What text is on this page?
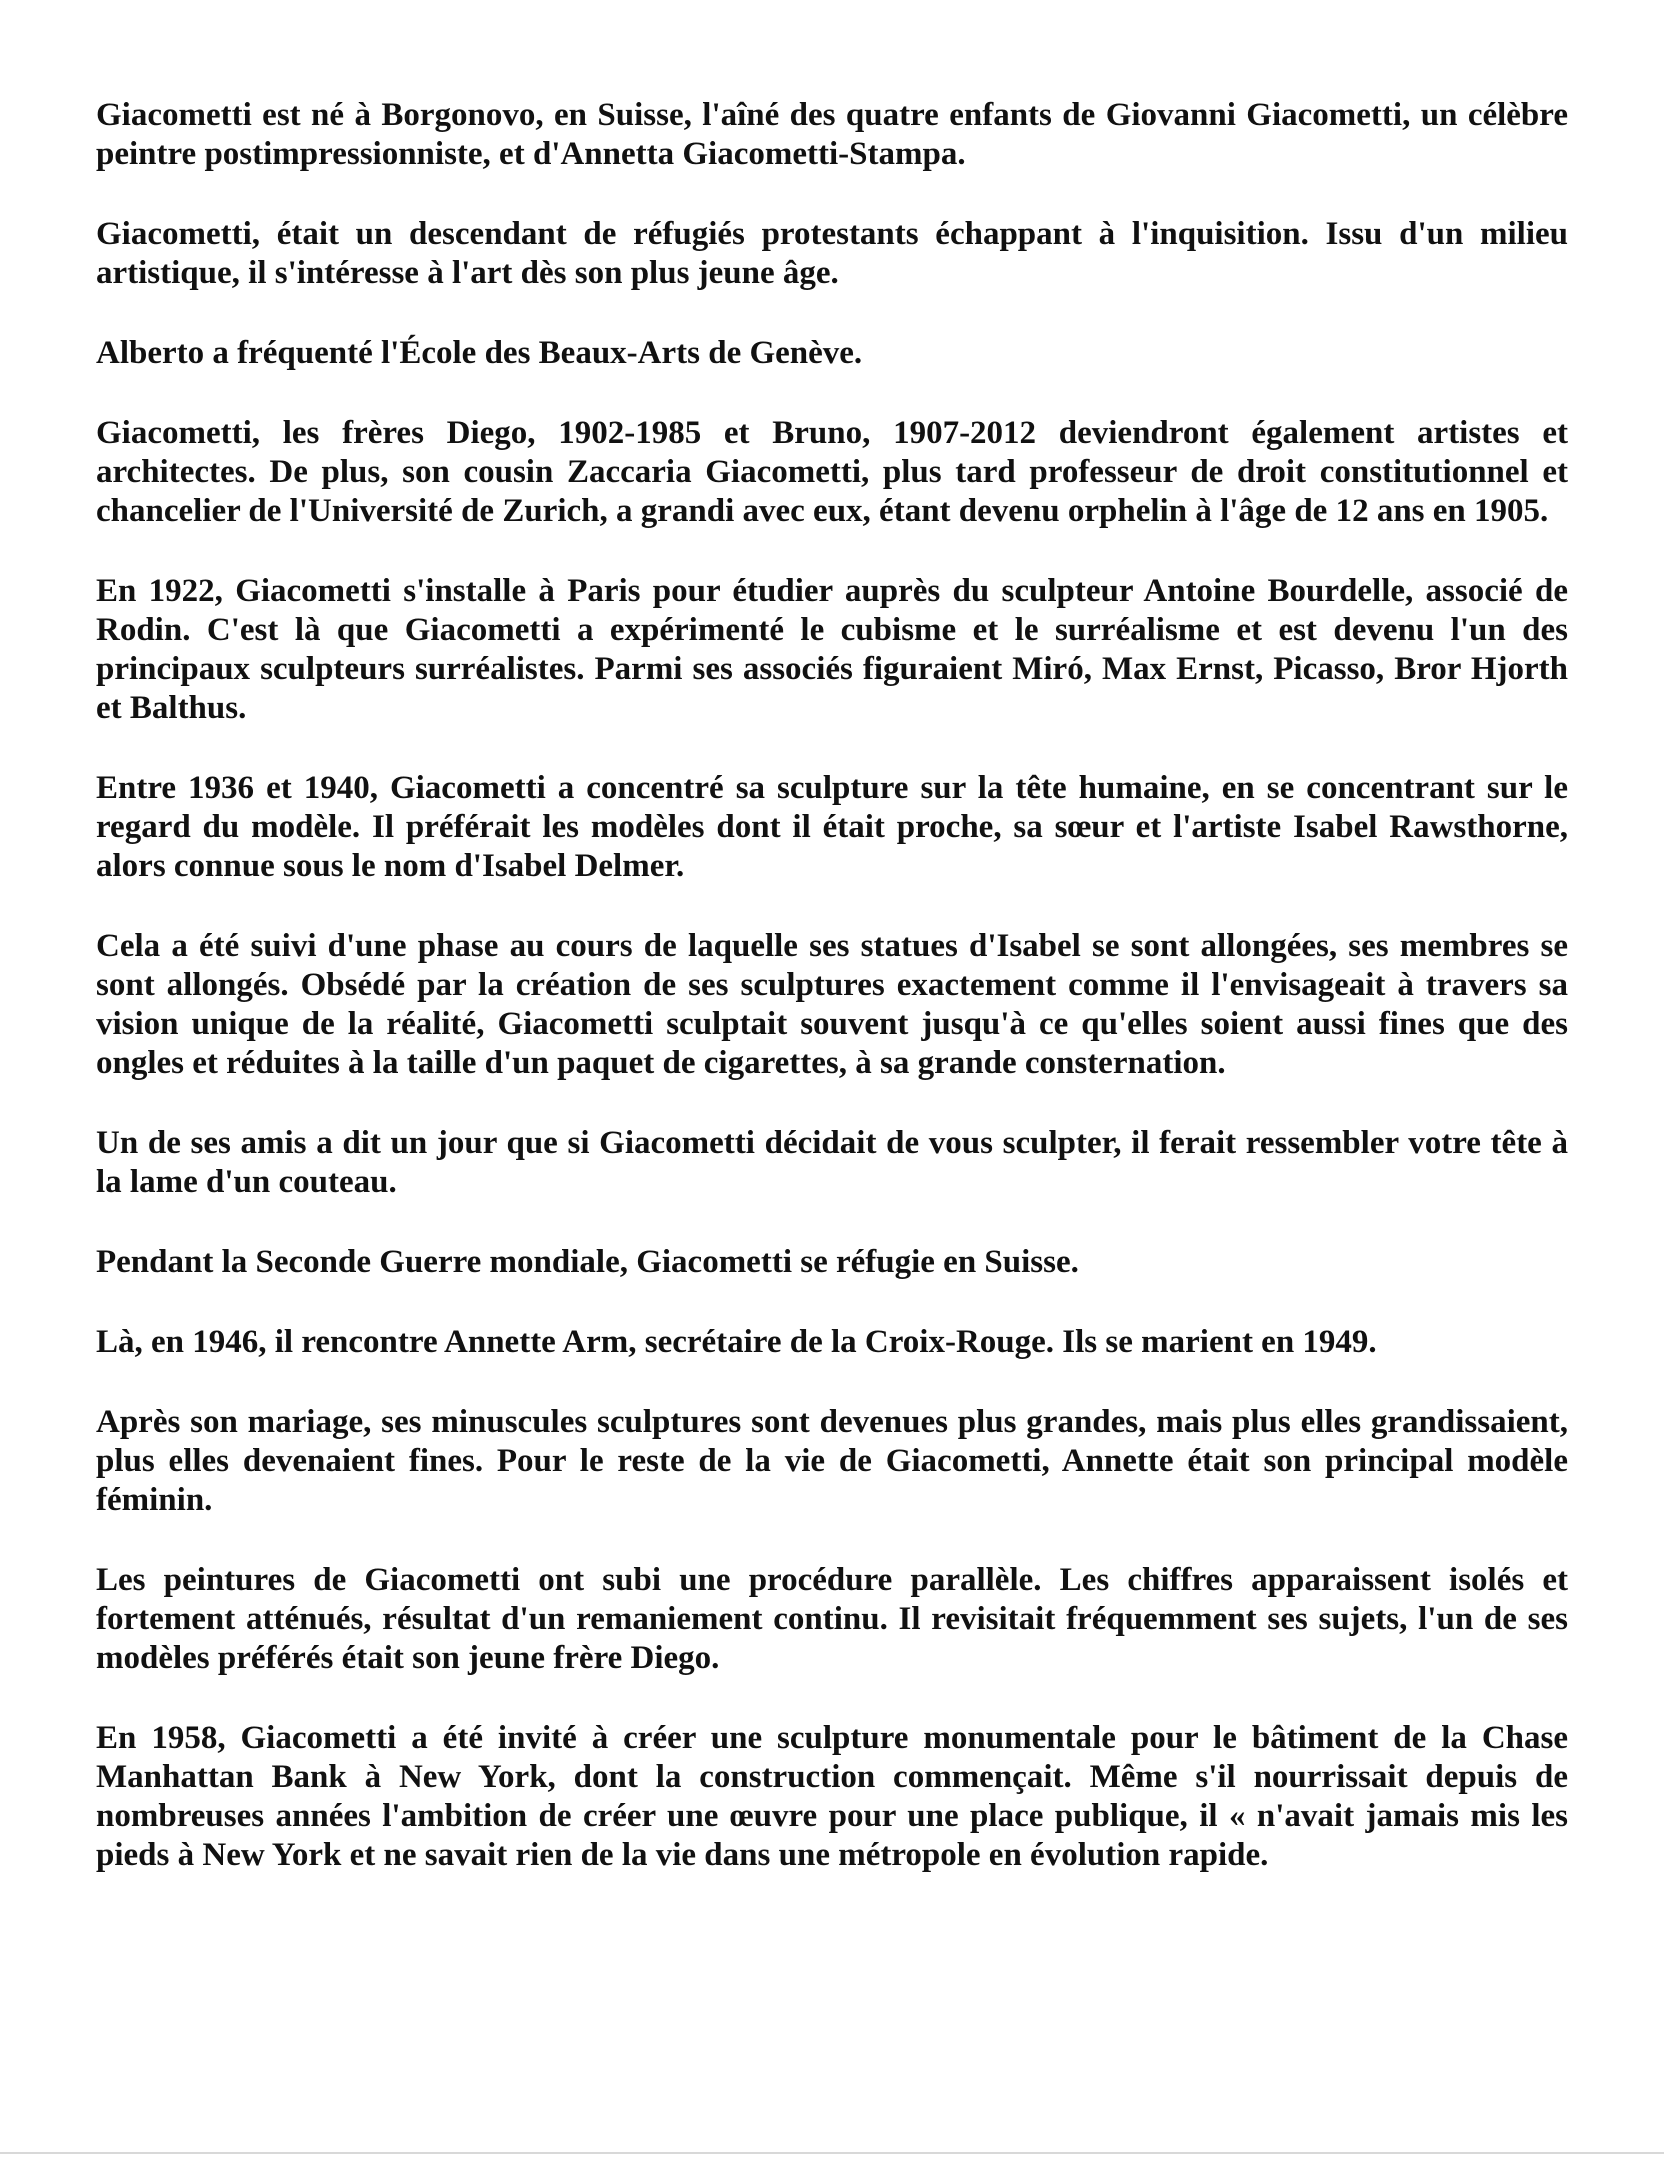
Giacometti est né à Borgonovo, en Suisse, l'aîné des quatre enfants de Giovanni Giacometti, un célèbre peintre postimpressionniste, et d'Annetta Giacometti-Stampa.

Giacometti, était un descendant de réfugiés protestants échappant à l'inquisition. Issu d'un milieu artistique, il s'intéresse à l'art dès son plus jeune âge.

Alberto a fréquenté l'École des Beaux-Arts de Genève.

Giacometti, les frères Diego, 1902-1985 et Bruno, 1907-2012 deviendront également artistes et architectes. De plus, son cousin Zaccaria Giacometti, plus tard professeur de droit constitutionnel et chancelier de l'Université de Zurich, a grandi avec eux, étant devenu orphelin à l'âge de 12 ans en 1905.

En 1922, Giacometti s'installe à Paris pour étudier auprès du sculpteur Antoine Bourdelle, associé de Rodin. C'est là que Giacometti a expérimenté le cubisme et le surréalisme et est devenu l'un des principaux sculpteurs surréalistes. Parmi ses associés figuraient Miró, Max Ernst, Picasso, Bror Hjorth et Balthus.

Entre 1936 et 1940, Giacometti a concentré sa sculpture sur la tête humaine, en se concentrant sur le regard du modèle. Il préférait les modèles dont il était proche, sa sœur et l'artiste Isabel Rawsthorne, alors connue sous le nom d'Isabel Delmer.

Cela a été suivi d'une phase au cours de laquelle ses statues d'Isabel se sont allongées, ses membres se sont allongés. Obsédé par la création de ses sculptures exactement comme il l'envisageait à travers sa vision unique de la réalité, Giacometti sculptait souvent jusqu'à ce qu'elles soient aussi fines que des ongles et réduites à la taille d'un paquet de cigarettes, à sa grande consternation.

Un de ses amis a dit un jour que si Giacometti décidait de vous sculpter, il ferait ressembler votre tête à la lame d'un couteau.

Pendant la Seconde Guerre mondiale, Giacometti se réfugie en Suisse.

Là, en 1946, il rencontre Annette Arm, secrétaire de la Croix-Rouge. Ils se marient en 1949.

Après son mariage, ses minuscules sculptures sont devenues plus grandes, mais plus elles grandissaient, plus elles devenaient fines. Pour le reste de la vie de Giacometti, Annette était son principal modèle féminin.

Les peintures de Giacometti ont subi une procédure parallèle. Les chiffres apparaissent isolés et fortement atténués, résultat d'un remaniement continu. Il revisitait fréquemment ses sujets, l'un de ses modèles préférés était son jeune frère Diego.

En 1958, Giacometti a été invité à créer une sculpture monumentale pour le bâtiment de la Chase Manhattan Bank à New York, dont la construction commençait. Même s'il nourrissait depuis de nombreuses années l'ambition de créer une œuvre pour une place publique, il « n'avait jamais mis les pieds à New York et ne savait rien de la vie dans une métropole en évolution rapide.
